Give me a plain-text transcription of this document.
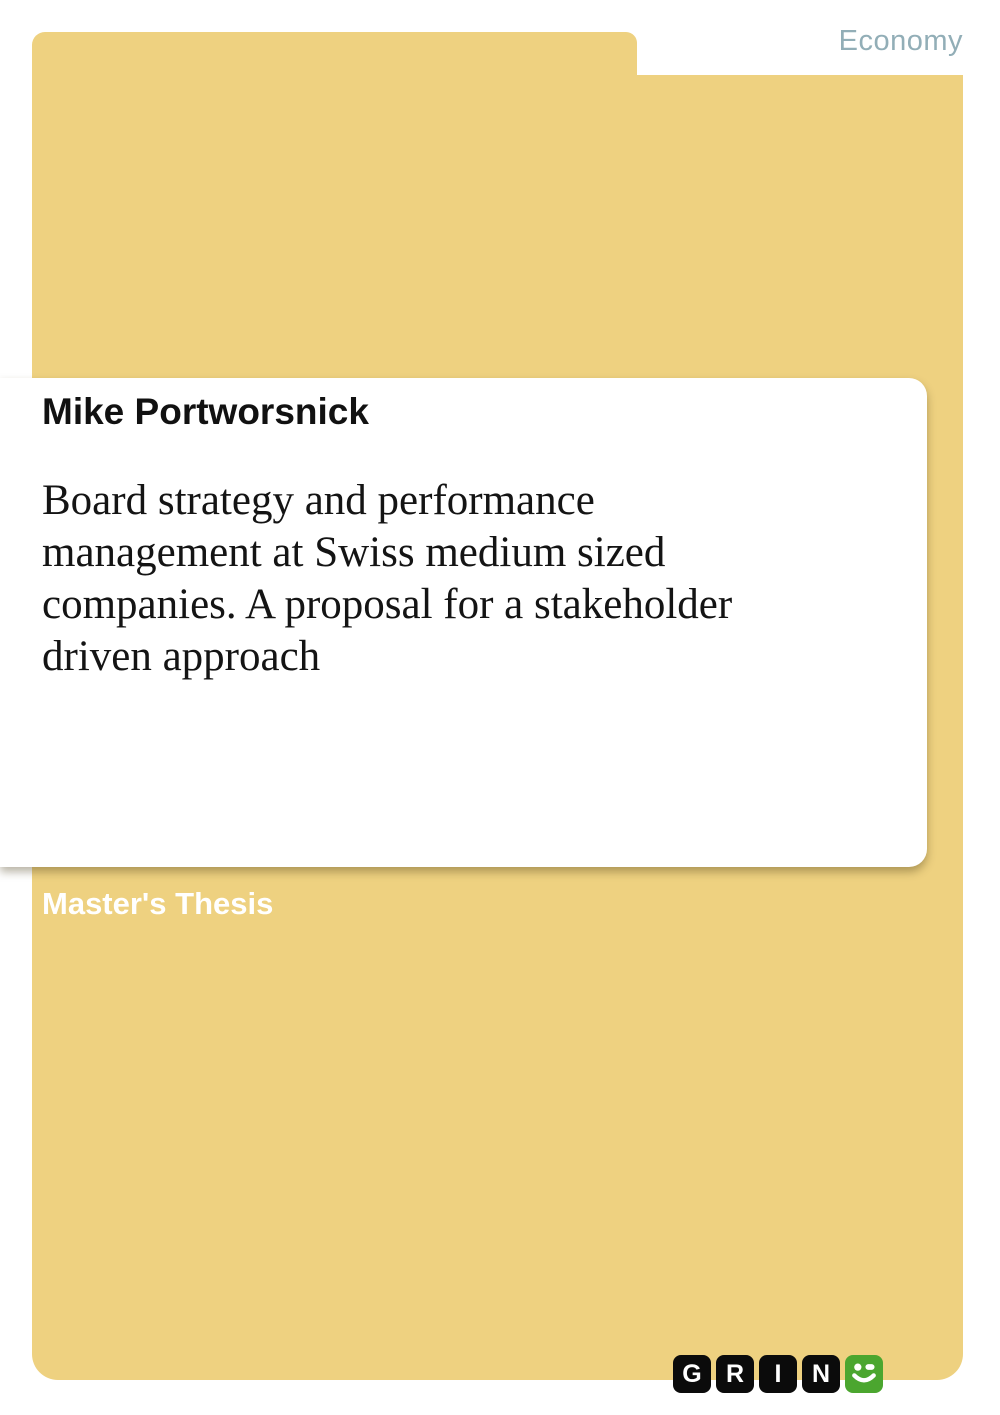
Economy
Mike Portworsnick
Board strategy and performance
management at Swiss medium sized
companies. A proposal for a stakeholder
driven approach
Master's Thesis
G R	I	N
